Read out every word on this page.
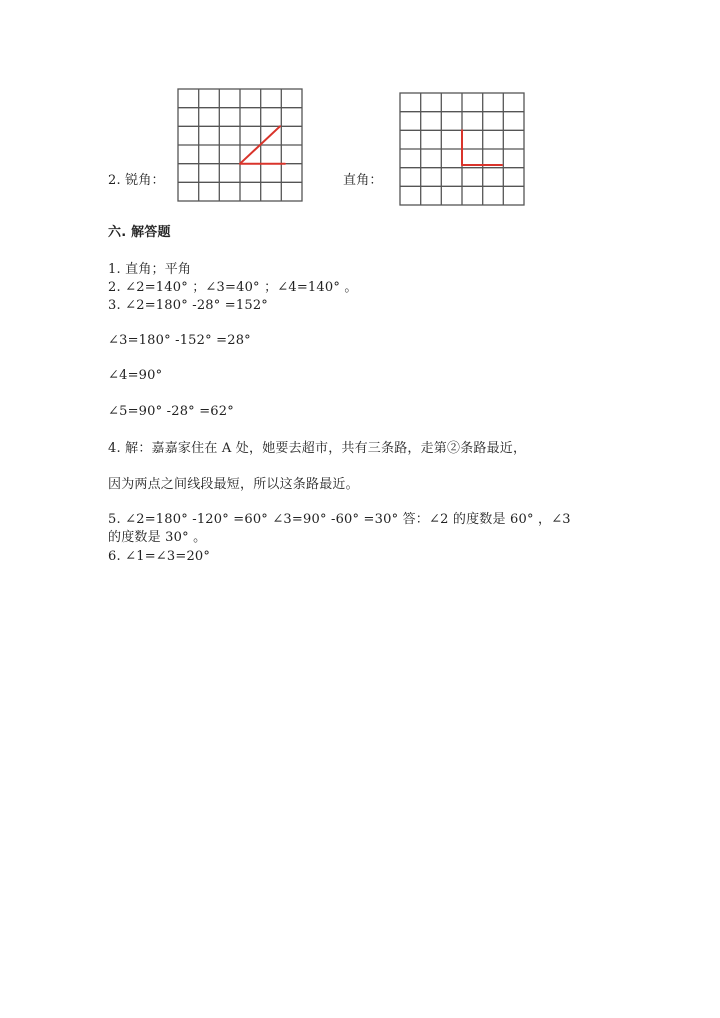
2. 锐角：	直角：
六. 解答题
1. 直角；平角
2. ∠2=140° ；∠3=40° ；∠4=140° 。
3. ∠2=180° -28° =152°
∠3=180° -152° =28°
∠4=90°
∠5=90° -28° =62°
4. 解：嘉嘉家住在 A 处，她要去超市，共有三条路，走第②条路最近，
因为两点之间线段最短，所以这条路最近。
5. ∠2=180° -120° =60° ∠3=90° -60° =30° 答：∠2 的度数是 60° ，∠3
的度数是 30° 。
6. ∠1=∠3=20°
